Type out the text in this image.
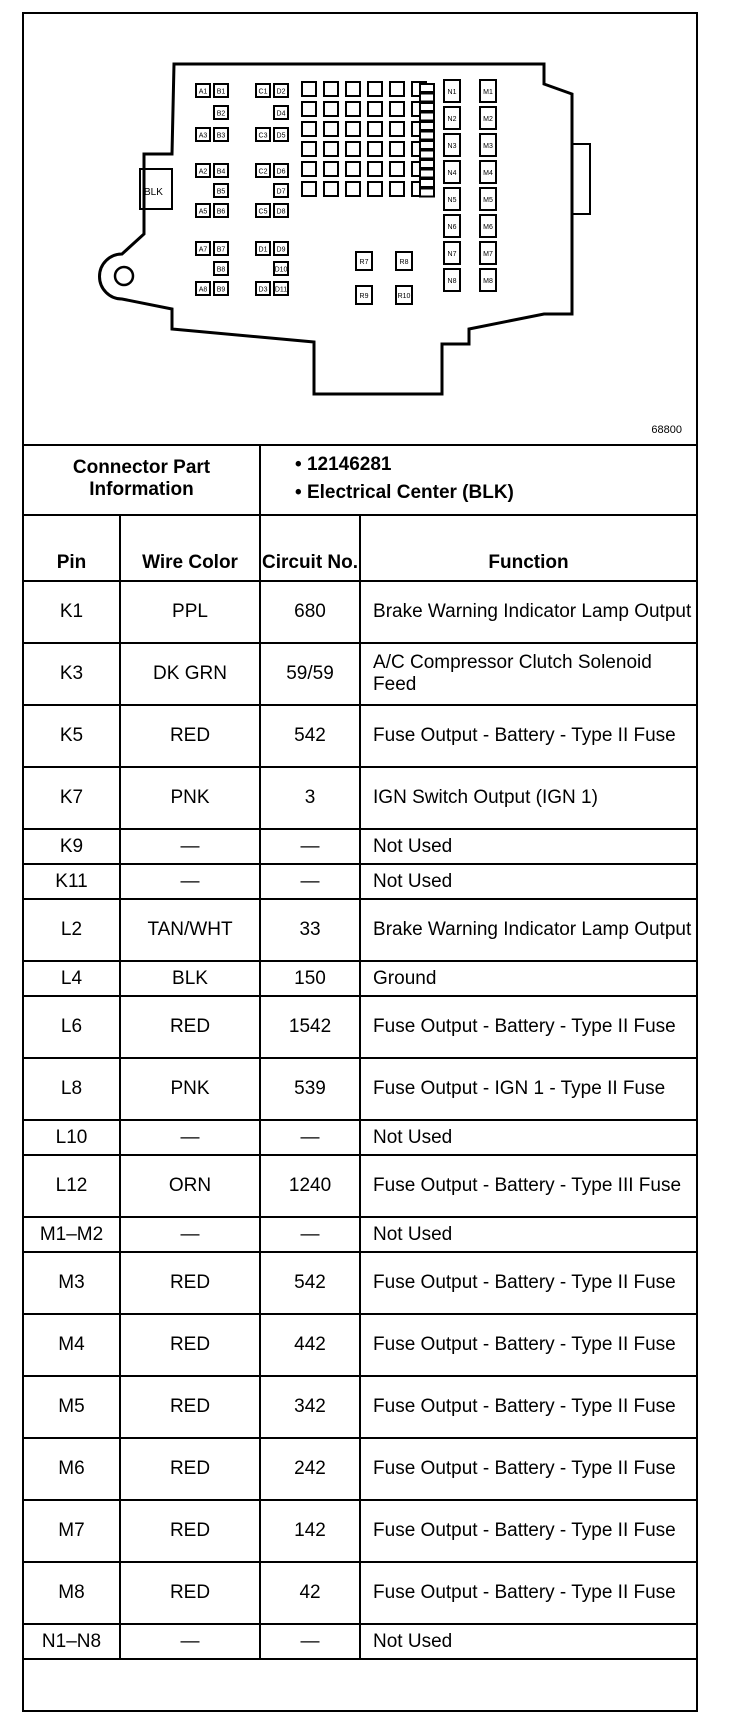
BLK
A1 B1	C1 D2
B2	D4
A3 B3	C3 D5
A2 B4	C2 D6
B5	D7
A5 B6	C5 D8
A7 B7	D1 D9
B8	D10
A8 B9	D3 D11
N1
N2
N3
N4
N5
N6
N7
N8
M1
M2
M3
M4
M5
M6
M7
M8
R7	R8
R9	R10
68800
Connector Part Information		• 12146281
• Electrical Center (BLK)	

Pin	Wire Color	Circuit No.	Function
K1	PPL	680	Brake Warning Indicator Lamp Output
K3	DK GRN	59/59	A/C Compressor Clutch Solenoid Feed
K5	RED	542	Fuse Output - Battery - Type II Fuse
K7	PNK	3	IGN Switch Output (IGN 1)
K9	—	—	Not Used
K11	—	—	Not Used
L2	TAN/WHT	33	Brake Warning Indicator Lamp Output
L4	BLK	150	Ground
L6	RED	1542	Fuse Output - Battery - Type II Fuse
L8	PNK	539	Fuse Output - IGN 1 - Type II Fuse
L10	—	—	Not Used
L12	ORN	1240	Fuse Output - Battery - Type III Fuse
M1–M2	—	—	Not Used
M3	RED	542	Fuse Output - Battery - Type II Fuse
M4	RED	442	Fuse Output - Battery - Type II Fuse
M5	RED	342	Fuse Output - Battery - Type II Fuse
M6	RED	242	Fuse Output - Battery - Type II Fuse
M7	RED	142	Fuse Output - Battery - Type II Fuse
M8	RED	42	Fuse Output - Battery - Type II Fuse
N1–N8	—	—	Not Used
